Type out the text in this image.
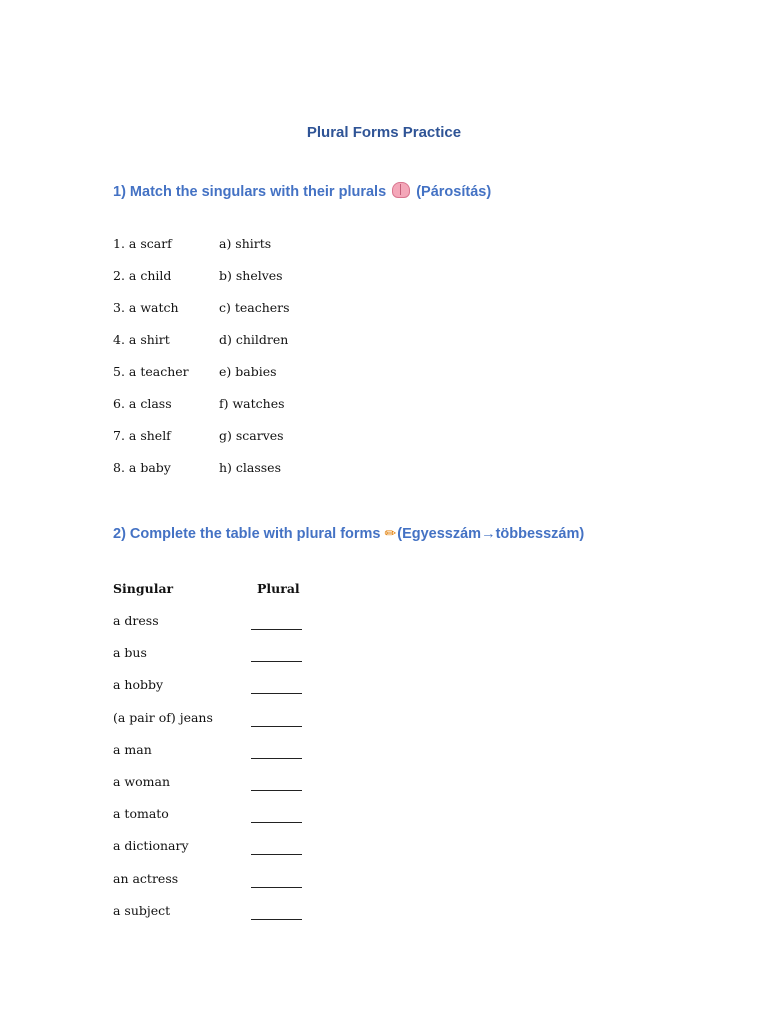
Plural Forms Practice
1) Match the singulars with their plurals (Párosítás)
1. a scarf	a) shirts
2. a child	b) shelves
3. a watch	c) teachers
4. a shirt	d) children
5. a teacher e) babies
6. a class	f) watches
7. a shelf	g) scarves
8. a baby	h) classes
2) Complete the table with plural forms ✏(Egyesszám→többesszám)
Singular	Plural
a dress
a bus
a hobby
(a pair of) jeans
a man
a woman
a tomato
a dictionary
an actress
a subject
